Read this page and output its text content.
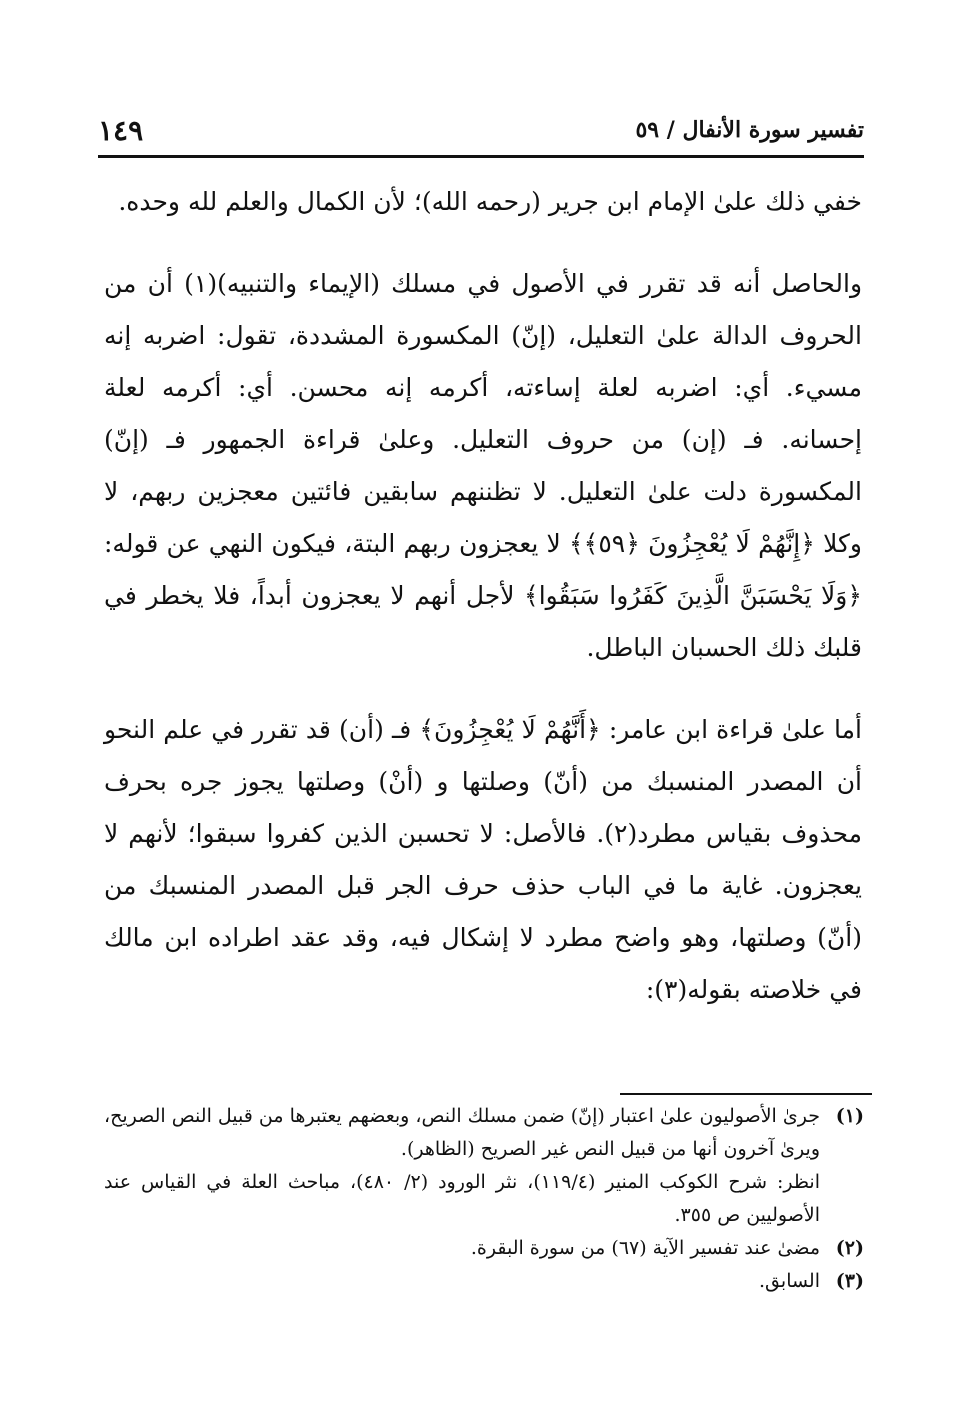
تفسير سورة الأنفال / ٥٩
١٤٩

خفي ذلك علىٰ الإمام ابن جرير (رحمه الله)؛ لأن الكمال والعلم لله وحده.

والحاصل أنه قد تقرر في الأصول في مسلك (الإيماء والتنبيه)(١) أن من الحروف الدالة علىٰ التعليل، (إنّ) المكسورة المشددة، تقول: اضربه إنه مسيء. أي: اضربه لعلة إساءته، أكرمه إنه محسن. أي: أكرمه لعلة إحسانه. فـ (إن) من حروف التعليل. وعلىٰ قراءة الجمهور فـ (إنّ) المكسورة دلت علىٰ التعليل. لا تظننهم سابقين فائتين معجزين ربهم، لا وكلا ﴿إِنَّهُمْ لَا يُعْجِزُونَ ﴿٥٩﴾﴾ لا يعجزون ربهم البتة، فيكون النهي عن قوله: ﴿وَلَا يَحْسَبَنَّ الَّذِينَ كَفَرُوا سَبَقُوا﴾ لأجل أنهم لا يعجزون أبداً، فلا يخطر في قلبك ذلك الحسبان الباطل.

أما علىٰ قراءة ابن عامر: ﴿أَنَّهُمْ لَا يُعْجِزُونَ﴾ فـ (أن) قد تقرر في علم النحو أن المصدر المنسبك من (أنّ) وصلتها و (أنْ) وصلتها يجوز جره بحرف محذوف بقياس مطرد(٢). فالأصل: لا تحسبن الذين كفروا سبقوا؛ لأنهم لا يعجزون. غاية ما في الباب حذف حرف الجر قبل المصدر المنسبك من (أنّ) وصلتها، وهو واضح مطرد لا إشكال فيه، وقد عقد اطراده ابن مالك في خلاصته بقوله(٣):

(١)
جرىٰ الأصوليون علىٰ اعتبار (إنّ) ضمن مسلك النص، وبعضهم يعتبرها من قبيل النص الصريح، ويرىٰ آخرون أنها من قبيل النص غير الصريح (الظاهر).
انظر: شرح الكوكب المنير (١١٩/٤)، نثر الورود (٢/ ٤٨٠)، مباحث العلة في القياس عند الأصوليين ص ٣٥٥.
(٢)
مضىٰ عند تفسير الآية (٦٧) من سورة البقرة.
(٣)
السابق.
